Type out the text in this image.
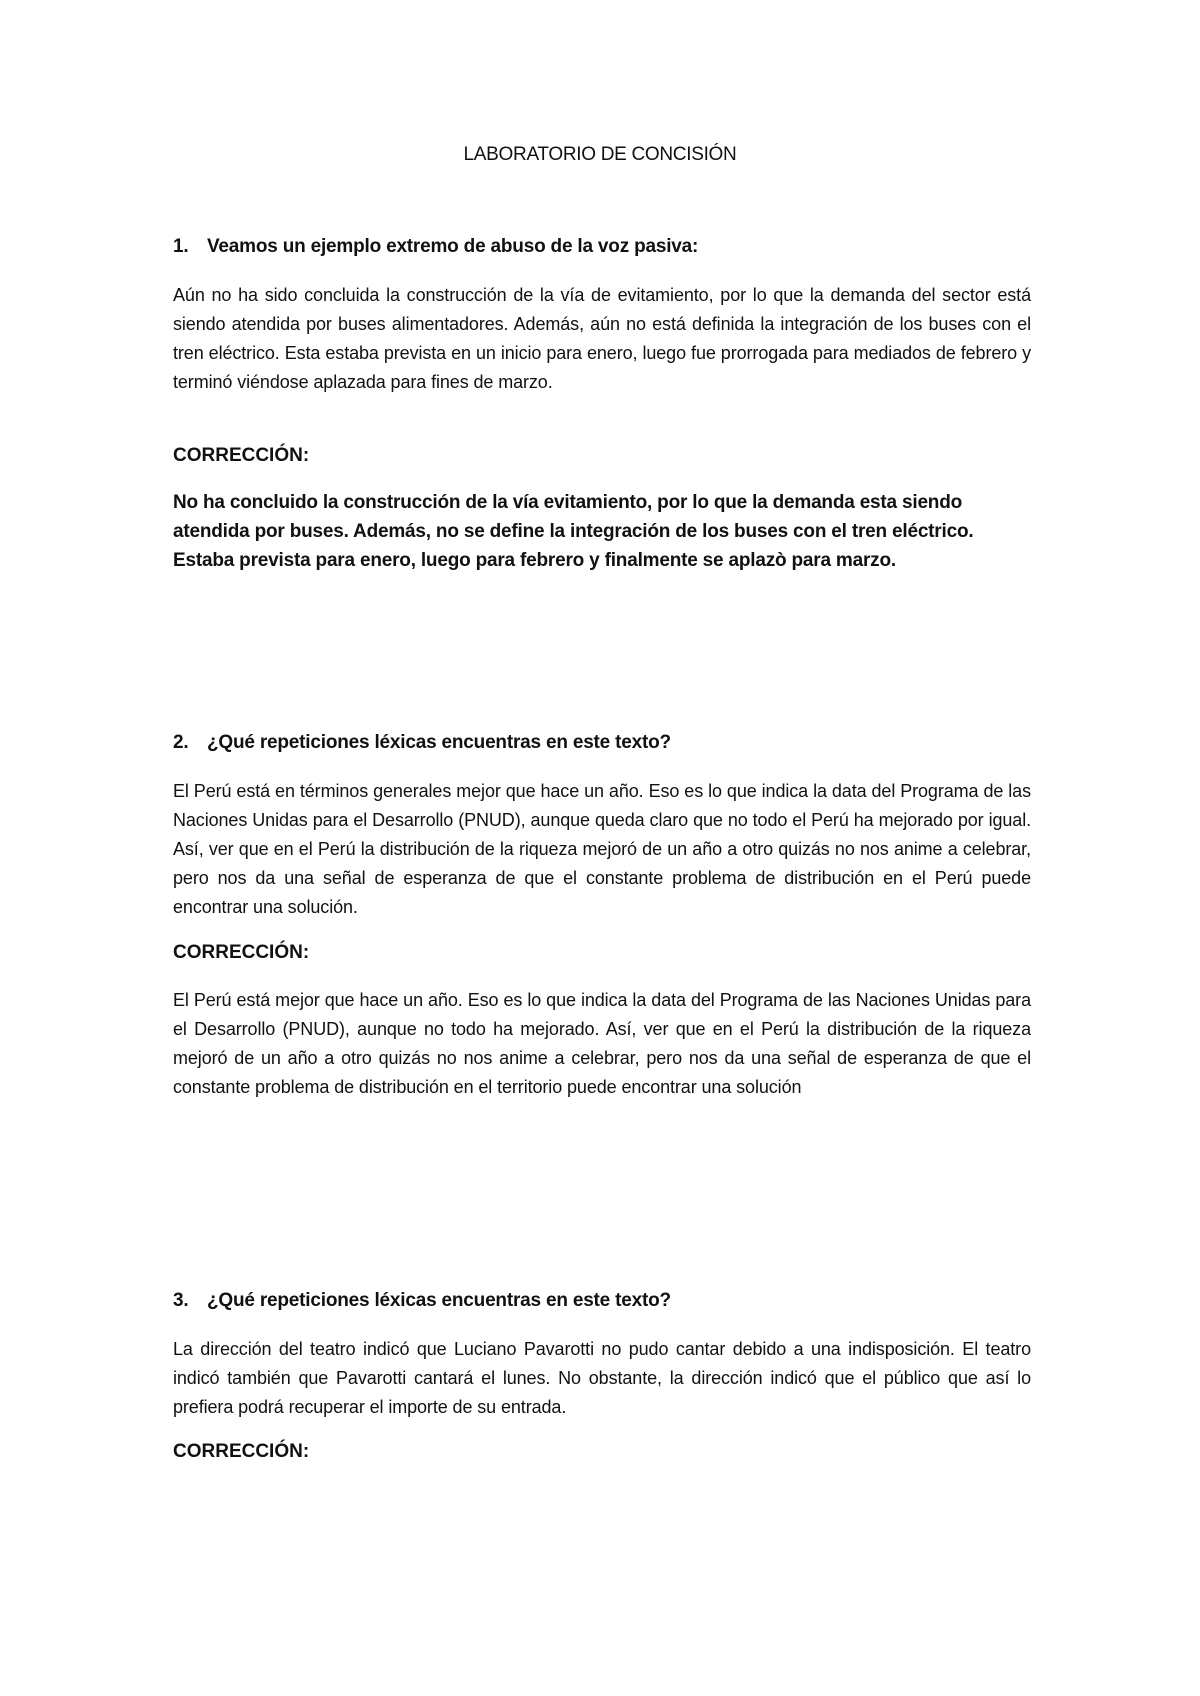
LABORATORIO DE CONCISIÓN
1. Veamos un ejemplo extremo de abuso de la voz pasiva:
Aún no ha sido concluida la construcción de la vía de evitamiento, por lo que la demanda del sector está siendo atendida por buses alimentadores. Además, aún no está definida la integración de los buses con el tren eléctrico. Esta estaba prevista en un inicio para enero, luego fue prorrogada para mediados de febrero y terminó viéndose aplazada para fines de marzo.
CORRECCIÓN:
No ha concluido la construcción de la vía evitamiento, por lo que la demanda esta siendo atendida por buses. Además, no se define la integración de los buses con el tren eléctrico. Estaba prevista para enero, luego para febrero y finalmente se aplazò para marzo.
2. ¿Qué repeticiones léxicas encuentras en este texto?
El Perú está en términos generales mejor que hace un año. Eso es lo que indica la data del Programa de las Naciones Unidas para el Desarrollo (PNUD), aunque queda claro que no todo el Perú ha mejorado por igual. Así, ver que en el Perú la distribución de la riqueza mejoró de un año a otro quizás no nos anime a celebrar, pero nos da una señal de esperanza de que el constante problema de distribución en el Perú puede encontrar una solución.
CORRECCIÓN:
El Perú está mejor que hace un año. Eso es lo que indica la data del Programa de las Naciones Unidas para el Desarrollo (PNUD), aunque no todo ha mejorado. Así, ver que en el Perú la distribución de la riqueza mejoró de un año a otro quizás no nos anime a celebrar, pero nos da una señal de esperanza de que el constante problema de distribución en el territorio puede encontrar una solución
3. ¿Qué repeticiones léxicas encuentras en este texto?
La dirección del teatro indicó que Luciano Pavarotti no pudo cantar debido a una indisposición. El teatro indicó también que Pavarotti cantará el lunes. No obstante, la dirección indicó que el público que así lo prefiera podrá recuperar el importe de su entrada.
CORRECCIÓN:
